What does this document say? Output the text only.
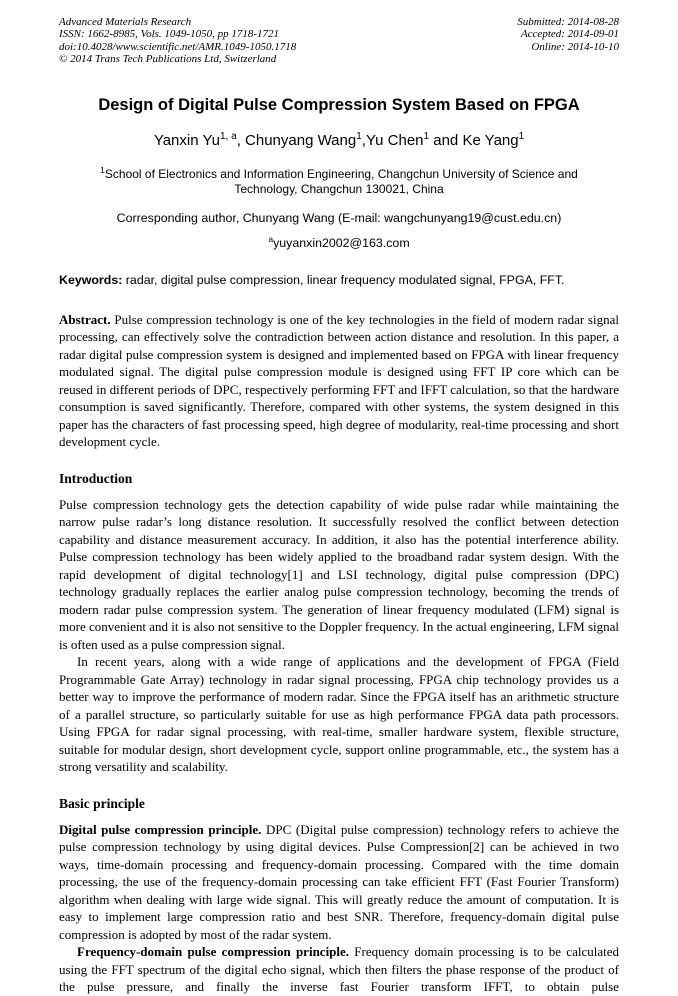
Advanced Materials Research
ISSN: 1662-8985, Vols. 1049-1050, pp 1718-1721
doi:10.4028/www.scientific.net/AMR.1049-1050.1718
© 2014 Trans Tech Publications Ltd, Switzerland
Submitted: 2014-08-28
Accepted: 2014-09-01
Online: 2014-10-10
Design of Digital Pulse Compression System Based on FPGA
Yanxin Yu$^{1, a}$, Chunyang Wang$^1$,Yu Chen$^1$ and Ke Yang$^1$
$^1$School of Electronics and Information Engineering, Changchun University of Science and Technology, Changchun 130021, China
Corresponding author, Chunyang Wang (E-mail: wangchunyang19@cust.edu.cn)
$^a$yuyanxin2002@163.com
Keywords: radar, digital pulse compression, linear frequency modulated signal, FPGA, FFT.

Abstract. Pulse compression technology is one of the key technologies in the field of modern radar signal processing, can effectively solve the contradiction between action distance and resolution. In this paper, a radar digital pulse compression system is designed and implemented based on FPGA with linear frequency modulated signal. The digital pulse compression module is designed using FFT IP core which can be reused in different periods of DPC, respectively performing FFT and IFFT calculation, so that the hardware consumption is saved significantly. Therefore, compared with other systems, the system designed in this paper has the characters of fast processing speed, high degree of modularity, real-time processing and short development cycle.

Introduction

Pulse compression technology gets the detection capability of wide pulse radar while maintaining the narrow pulse radar’s long distance resolution. It successfully resolved the conflict between detection capability and distance measurement accuracy. In addition, it also has the potential interference ability. Pulse compression technology has been widely applied to the broadband radar system design. With the rapid development of digital technology[1] and LSI technology, digital pulse compression (DPC) technology gradually replaces the earlier analog pulse compression technology, becoming the trends of modern radar pulse compression system. The generation of linear frequency modulated (LFM) signal is more convenient and it is also not sensitive to the Doppler frequency. In the actual engineering, LFM signal is often used as a pulse compression signal.

In recent years, along with a wide range of applications and the development of FPGA (Field Programmable Gate Array) technology in radar signal processing, FPGA chip technology provides us a better way to improve the performance of modern radar. Since the FPGA itself has an arithmetic structure of a parallel structure, so particularly suitable for use as high performance FPGA data path processors. Using FPGA for radar signal processing, with real-time, smaller hardware system, flexible structure, suitable for modular design, short development cycle, support online programmable, etc., the system has a strong versatility and scalability.

Basic principle

Digital pulse compression principle. DPC (Digital pulse compression) technology refers to achieve the pulse compression technology by using digital devices. Pulse Compression[2] can be achieved in two ways, time-domain processing and frequency-domain processing. Compared with the time domain processing, the use of the frequency-domain processing can take efficient FFT (Fast Fourier Transform) algorithm when dealing with large wide signal. This will greatly reduce the amount of computation. It is easy to implement large compression ratio and best SNR. Therefore, frequency-domain digital pulse compression is adopted by most of the radar system.

Frequency-domain pulse compression principle. Frequency domain processing is to be calculated using the FFT spectrum of the digital echo signal, which then filters the phase response of the product of the pulse pressure, and finally the inverse fast Fourier transform IFFT, to obtain pulse
